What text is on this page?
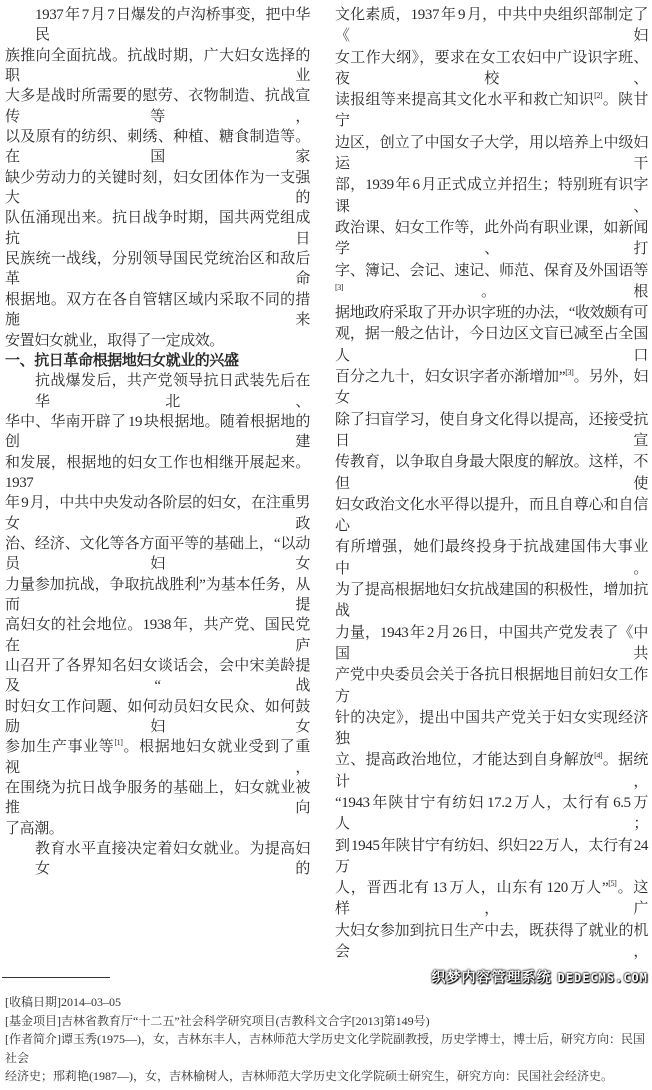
1937 年 7 月 7 日爆发的卢沟桥事变，把中华民
族推向全面抗战。抗战时期，广大妇女选择的职业
大多是战时所需要的慰劳、衣物制造、抗战宣传等，
以及原有的纺织、刺绣、种植、糖食制造等。在国家
缺少劳动力的关键时刻，妇女团体作为一支强大的
队伍涌现出来。抗日战争时期，国共两党组成抗日
民族统一战线，分别领导国民党统治区和敌后革命
根据地。双方在各自管辖区域内采取不同的措施来
安置妇女就业，取得了一定成效。
一、抗日革命根据地妇女就业的兴盛
抗战爆发后，共产党领导抗日武装先后在华北、
华中、华南开辟了 19 块根据地。随着根据地的创建
和发展，根据地的妇女工作也相继开展起来。1937
年 9 月，中共中央发动各阶层的妇女，在注重男女政
治、经济、文化等各方面平等的基础上，“以动员妇女
力量参加抗战，争取抗战胜利”为基本任务，从而提
高妇女的社会地位。1938 年，共产党、国民党在庐
山召开了各界知名妇女谈话会，会中宋美龄提及“战
时妇女工作问题、如何动员妇女民众、如何鼓励妇女
参加生产事业等[1]。根据地妇女就业受到了重视，
在围绕为抗日战争服务的基础上，妇女就业被推向
了高潮。
教育水平直接决定着妇女就业。为提高妇女的
文化素质，1937 年 9 月，中共中央组织部制定了《妇
女工作大纲》，要求在女工农妇中广设识字班、夜校、
读报组等来提高其文化水平和救亡知识[2]。陕甘宁
边区，创立了中国女子大学，用以培养上中级妇运干
部，1939 年 6 月正式成立并招生；特别班有识字课、
政治课、妇女工作等，此外尚有职业课，如新闻学、打
字、簿记、会记、速记、师范、保育及外国语等[3]。根
据地政府采取了开办识字班的办法，“收效颇有可
观，据一般之估计，今日边区文盲已减至占全国人口
百分之九十，妇女识字者亦渐增加”[3]。另外，妇女
除了扫盲学习，使自身文化得以提高，还接受抗日宣
传教育，以争取自身最大限度的解放。这样，不但使
妇女政治文化水平得以提升，而且自尊心和自信心
有所增强，她们最终投身于抗战建国伟大事业中。
为了提高根据地妇女抗战建国的积极性，增加抗战
力量，1943 年 2 月 26 日，中国共产党发表了《中国共
产党中央委员会关于各抗日根据地目前妇女工作方
针的决定》，提出中国共产党关于妇女实现经济独
立、提高政治地位，才能达到自身解放[4]。据统计，
“1943 年陕甘宁有纺妇 17.2 万人，太行有 6.5 万人；
到 1945 年陕甘宁有纺妇、织妇 22 万人，太行有 24 万
人，晋西北有 13 万人，山东有 120 万人”[5]。这样，广
大妇女参加到抗日生产中去，既获得了就业的机会，
织梦内容管理系统 DEDECMS.COM
[收稿日期]2014–03–05
[基金项目]吉林省教育厅“十二五”社会科学研究项目(吉教科文合字[2013]第149号)
[作者简介]谭玉秀(1975—)，女，吉林东丰人，吉林师范大学历史文化学院副教授，历史学博士，博士后，研究方向：民国社会
经济史；邢莉艳(1987—)，女，吉林榆树人，吉林师范大学历史文化学院硕士研究生，研究方向：民国社会经济史。
